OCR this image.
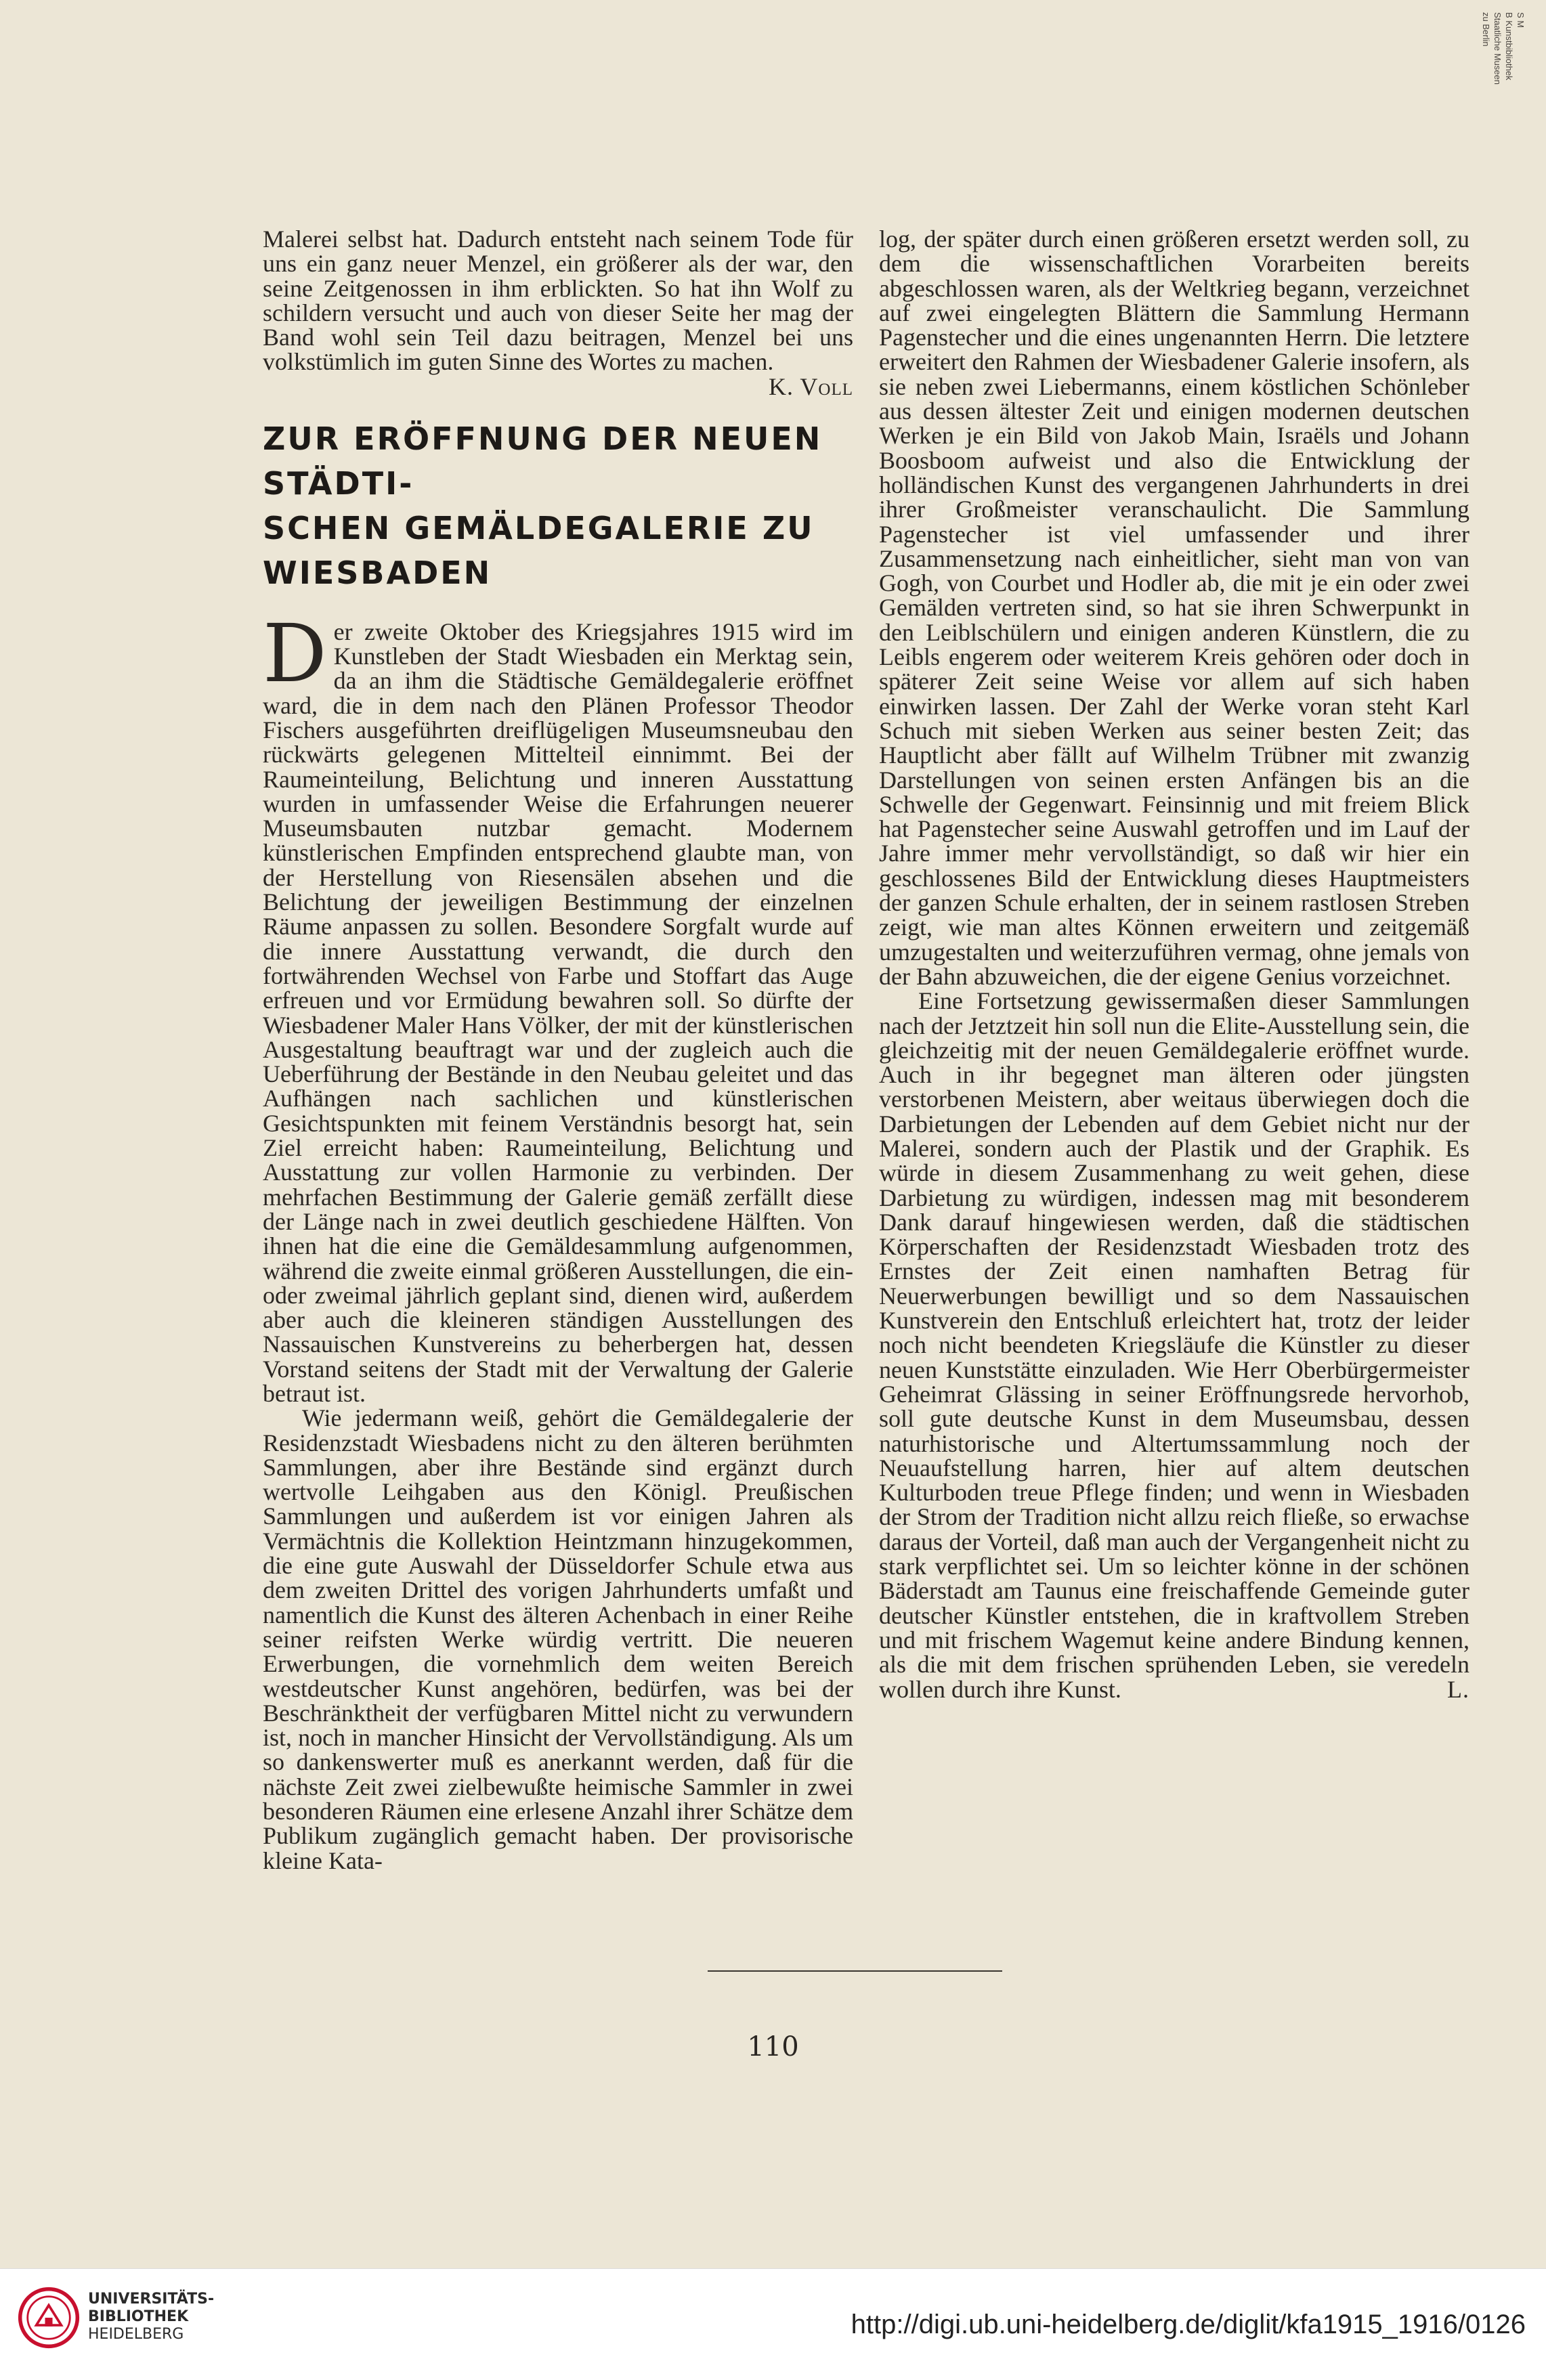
S M
B Kunstbibliothek
Staatliche Museen
zu Berlin

Malerei selbst hat. Dadurch entsteht nach seinem Tode für uns ein ganz neuer Menzel, ein größerer als der war, den seine Zeitgenossen in ihm erblickten. So hat ihn Wolf zu schildern versucht und auch von dieser Seite her mag der Band wohl sein Teil dazu beitragen, Menzel bei uns volkstümlich im guten Sinne des Wortes zu machen.
K. Voll

ZUR ERÖFFNUNG DER NEUEN STÄDTI-
SCHEN GEMÄLDEGALERIE ZU WIESBADEN

Der zweite Oktober des Kriegsjahres 1915 wird im Kunstleben der Stadt Wiesbaden ein Merktag sein, da an ihm die Städtische Gemäldegalerie eröffnet ward, die in dem nach den Plänen Professor Theodor Fischers ausgeführten dreiflügeligen Museumsneubau den rückwärts gelegenen Mittelteil einnimmt. Bei der Raumeinteilung, Belichtung und inneren Ausstattung wurden in umfassender Weise die Erfahrungen neuerer Museumsbauten nutzbar gemacht. Modernem künstlerischen Empfinden entsprechend glaubte man, von der Herstellung von Riesensälen absehen und die Belichtung der jeweiligen Bestimmung der einzelnen Räume anpassen zu sollen. Besondere Sorgfalt wurde auf die innere Ausstattung verwandt, die durch den fortwährenden Wechsel von Farbe und Stoffart das Auge erfreuen und vor Ermüdung bewahren soll. So dürfte der Wiesbadener Maler Hans Völker, der mit der künstlerischen Ausgestaltung beauftragt war und der zugleich auch die Ueberführung der Bestände in den Neubau geleitet und das Aufhängen nach sachlichen und künstlerischen Gesichtspunkten mit feinem Verständnis besorgt hat, sein Ziel erreicht haben: Raumeinteilung, Belichtung und Ausstattung zur vollen Harmonie zu verbinden. Der mehrfachen Bestimmung der Galerie gemäß zerfällt diese der Länge nach in zwei deutlich geschiedene Hälften. Von ihnen hat die eine die Gemäldesammlung aufgenommen, während die zweite einmal größeren Ausstellungen, die ein- oder zweimal jährlich geplant sind, dienen wird, außerdem aber auch die kleineren ständigen Ausstellungen des Nassauischen Kunstvereins zu beherbergen hat, dessen Vorstand seitens der Stadt mit der Verwaltung der Galerie betraut ist.

Wie jedermann weiß, gehört die Gemäldegalerie der Residenzstadt Wiesbadens nicht zu den älteren berühmten Sammlungen, aber ihre Bestände sind ergänzt durch wertvolle Leihgaben aus den Königl. Preußischen Sammlungen und außerdem ist vor einigen Jahren als Vermächtnis die Kollektion Heintzmann hinzugekommen, die eine gute Auswahl der Düsseldorfer Schule etwa aus dem zweiten Drittel des vorigen Jahrhunderts umfaßt und namentlich die Kunst des älteren Achenbach in einer Reihe seiner reifsten Werke würdig vertritt. Die neueren Erwerbungen, die vornehmlich dem weiten Bereich westdeutscher Kunst angehören, bedürfen, was bei der Beschränktheit der verfügbaren Mittel nicht zu verwundern ist, noch in mancher Hinsicht der Vervollständigung. Als um so dankenswerter muß es anerkannt werden, daß für die nächste Zeit zwei zielbewußte heimische Sammler in zwei besonderen Räumen eine erlesene Anzahl ihrer Schätze dem Publikum zugänglich gemacht haben. Der provisorische kleine Kata-

log, der später durch einen größeren ersetzt werden soll, zu dem die wissenschaftlichen Vorarbeiten bereits abgeschlossen waren, als der Weltkrieg begann, verzeichnet auf zwei eingelegten Blättern die Sammlung Hermann Pagenstecher und die eines ungenannten Herrn. Die letztere erweitert den Rahmen der Wiesbadener Galerie insofern, als sie neben zwei Liebermanns, einem köstlichen Schönleber aus dessen ältester Zeit und einigen modernen deutschen Werken je ein Bild von Jakob Main, Israëls und Johann Boosboom aufweist und also die Entwicklung der holländischen Kunst des vergangenen Jahrhunderts in drei ihrer Großmeister veranschaulicht. Die Sammlung Pagenstecher ist viel umfassender und ihrer Zusammensetzung nach einheitlicher, sieht man von van Gogh, von Courbet und Hodler ab, die mit je ein oder zwei Gemälden vertreten sind, so hat sie ihren Schwerpunkt in den Leiblschülern und einigen anderen Künstlern, die zu Leibls engerem oder weiterem Kreis gehören oder doch in späterer Zeit seine Weise vor allem auf sich haben einwirken lassen. Der Zahl der Werke voran steht Karl Schuch mit sieben Werken aus seiner besten Zeit; das Hauptlicht aber fällt auf Wilhelm Trübner mit zwanzig Darstellungen von seinen ersten Anfängen bis an die Schwelle der Gegenwart. Feinsinnig und mit freiem Blick hat Pagenstecher seine Auswahl getroffen und im Lauf der Jahre immer mehr vervollständigt, so daß wir hier ein geschlossenes Bild der Entwicklung dieses Hauptmeisters der ganzen Schule erhalten, der in seinem rastlosen Streben zeigt, wie man altes Können erweitern und zeitgemäß umzugestalten und weiterzuführen vermag, ohne jemals von der Bahn abzuweichen, die der eigene Genius vorzeichnet.

Eine Fortsetzung gewissermaßen dieser Sammlungen nach der Jetztzeit hin soll nun die Elite-Ausstellung sein, die gleichzeitig mit der neuen Gemäldegalerie eröffnet wurde. Auch in ihr begegnet man älteren oder jüngsten verstorbenen Meistern, aber weitaus überwiegen doch die Darbietungen der Lebenden auf dem Gebiet nicht nur der Malerei, sondern auch der Plastik und der Graphik. Es würde in diesem Zusammenhang zu weit gehen, diese Darbietung zu würdigen, indessen mag mit besonderem Dank darauf hingewiesen werden, daß die städtischen Körperschaften der Residenzstadt Wiesbaden trotz des Ernstes der Zeit einen namhaften Betrag für Neuerwerbungen bewilligt und so dem Nassauischen Kunstverein den Entschluß erleichtert hat, trotz der leider noch nicht beendeten Kriegsläufe die Künstler zu dieser neuen Kunststätte einzuladen. Wie Herr Oberbürgermeister Geheimrat Glässing in seiner Eröffnungsrede hervorhob, soll gute deutsche Kunst in dem Museumsbau, dessen naturhistorische und Altertumssammlung noch der Neuaufstellung harren, hier auf altem deutschen Kulturboden treue Pflege finden; und wenn in Wiesbaden der Strom der Tradition nicht allzu reich fließe, so erwachse daraus der Vorteil, daß man auch der Vergangenheit nicht zu stark verpflichtet sei. Um so leichter könne in der schönen Bäderstadt am Taunus eine freischaffende Gemeinde guter deutscher Künstler entstehen, die in kraftvollem Streben und mit frischem Wagemut keine andere Bindung kennen, als die mit dem frischen sprühenden Leben, sie veredeln wollen durch ihre Kunst.	L.

110
UNIVERSITÄTS-
BIBLIOTHEK
HEIDELBERG	http://digi.ub.uni-heidelberg.de/diglit/kfa1915_1916/0126
